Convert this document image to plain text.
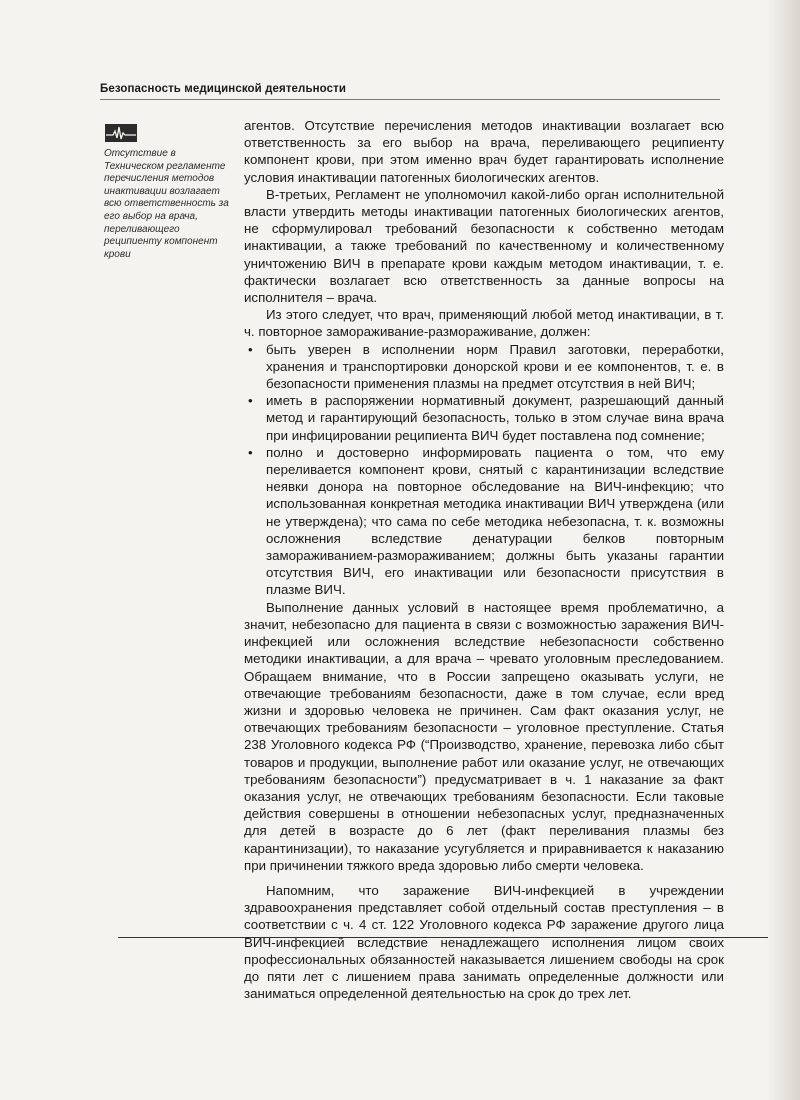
Безопасность медицинской деятельности
Отсутствие в Техническом регламенте перечисления методов инактивации возлагает всю ответственность за его выбор на врача, переливающего реципиенту компонент крови

агентов. Отсутствие перечисления методов инактивации возлагает всю ответственность за его выбор на врача, переливающего реципиенту компонент крови, при этом именно врач будет гарантировать исполнение условия инактивации патогенных биологических агентов.

В-третьих, Регламент не уполномочил какой-либо орган исполнительной власти утвердить методы инактивации патогенных биологических агентов, не сформулировал требований безопасности к собственно методам инактивации, а также требований по качественному и количественному уничтожению ВИЧ в препарате крови каждым методом инактивации, т. е. фактически возлагает всю ответственность за данные вопросы на исполнителя – врача.

Из этого следует, что врач, применяющий любой метод инактивации, в т. ч. повторное замораживание-размораживание, должен:

• быть уверен в исполнении норм Правил заготовки, переработки, хранения и транспортировки донорской крови и ее компонентов, т. е. в безопасности применения плазмы на предмет отсутствия в ней ВИЧ;
• иметь в распоряжении нормативный документ, разрешающий данный метод и гарантирующий безопасность, только в этом случае вина врача при инфицировании реципиента ВИЧ будет поставлена под сомнение;
• полно и достоверно информировать пациента о том, что ему переливается компонент крови, снятый с карантинизации вследствие неявки донора на повторное обследование на ВИЧ-инфекцию; что использованная конкретная методика инактивации ВИЧ утверждена (или не утверждена); что сама по себе методика небезопасна, т. к. возможны осложнения вследствие денатурации белков повторным замораживанием-размораживанием; должны быть указаны гарантии отсутствия ВИЧ, его инактивации или безопасности присутствия в плазме ВИЧ.

Выполнение данных условий в настоящее время проблематично, а значит, небезопасно для пациента в связи с возможностью заражения ВИЧ-инфекцией или осложнения вследствие небезопасности собственно методики инактивации, а для врача – чревато уголовным преследованием. Обращаем внимание, что в России запрещено оказывать услуги, не отвечающие требованиям безопасности, даже в том случае, если вред жизни и здоровью человека не причинен. Сам факт оказания услуг, не отвечающих требованиям безопасности – уголовное преступление. Статья 238 Уголовного кодекса РФ (“Производство, хранение, перевозка либо сбыт товаров и продукции, выполнение работ или оказание услуг, не отвечающих требованиям безопасности”) предусматривает в ч. 1 наказание за факт оказания услуг, не отвечающих требованиям безопасности. Если таковые действия совершены в отношении небезопасных услуг, предназначенных для детей в возрасте до 6 лет (факт переливания плазмы без карантинизации), то наказание усугубляется и приравнивается к наказанию при причинении тяжкого вреда здоровью либо смерти человека.

Напомним, что заражение ВИЧ-инфекцией в учреждении здравоохранения представляет собой отдельный состав преступления – в соответствии с ч. 4 ст. 122 Уголовного кодекса РФ заражение другого лица ВИЧ-инфекцией вследствие ненадлежащего исполнения лицом своих профессиональных обязанностей наказывается лишением свободы на срок до пяти лет с лишением права занимать определенные должности или заниматься определенной деятельностью на срок до трех лет.
